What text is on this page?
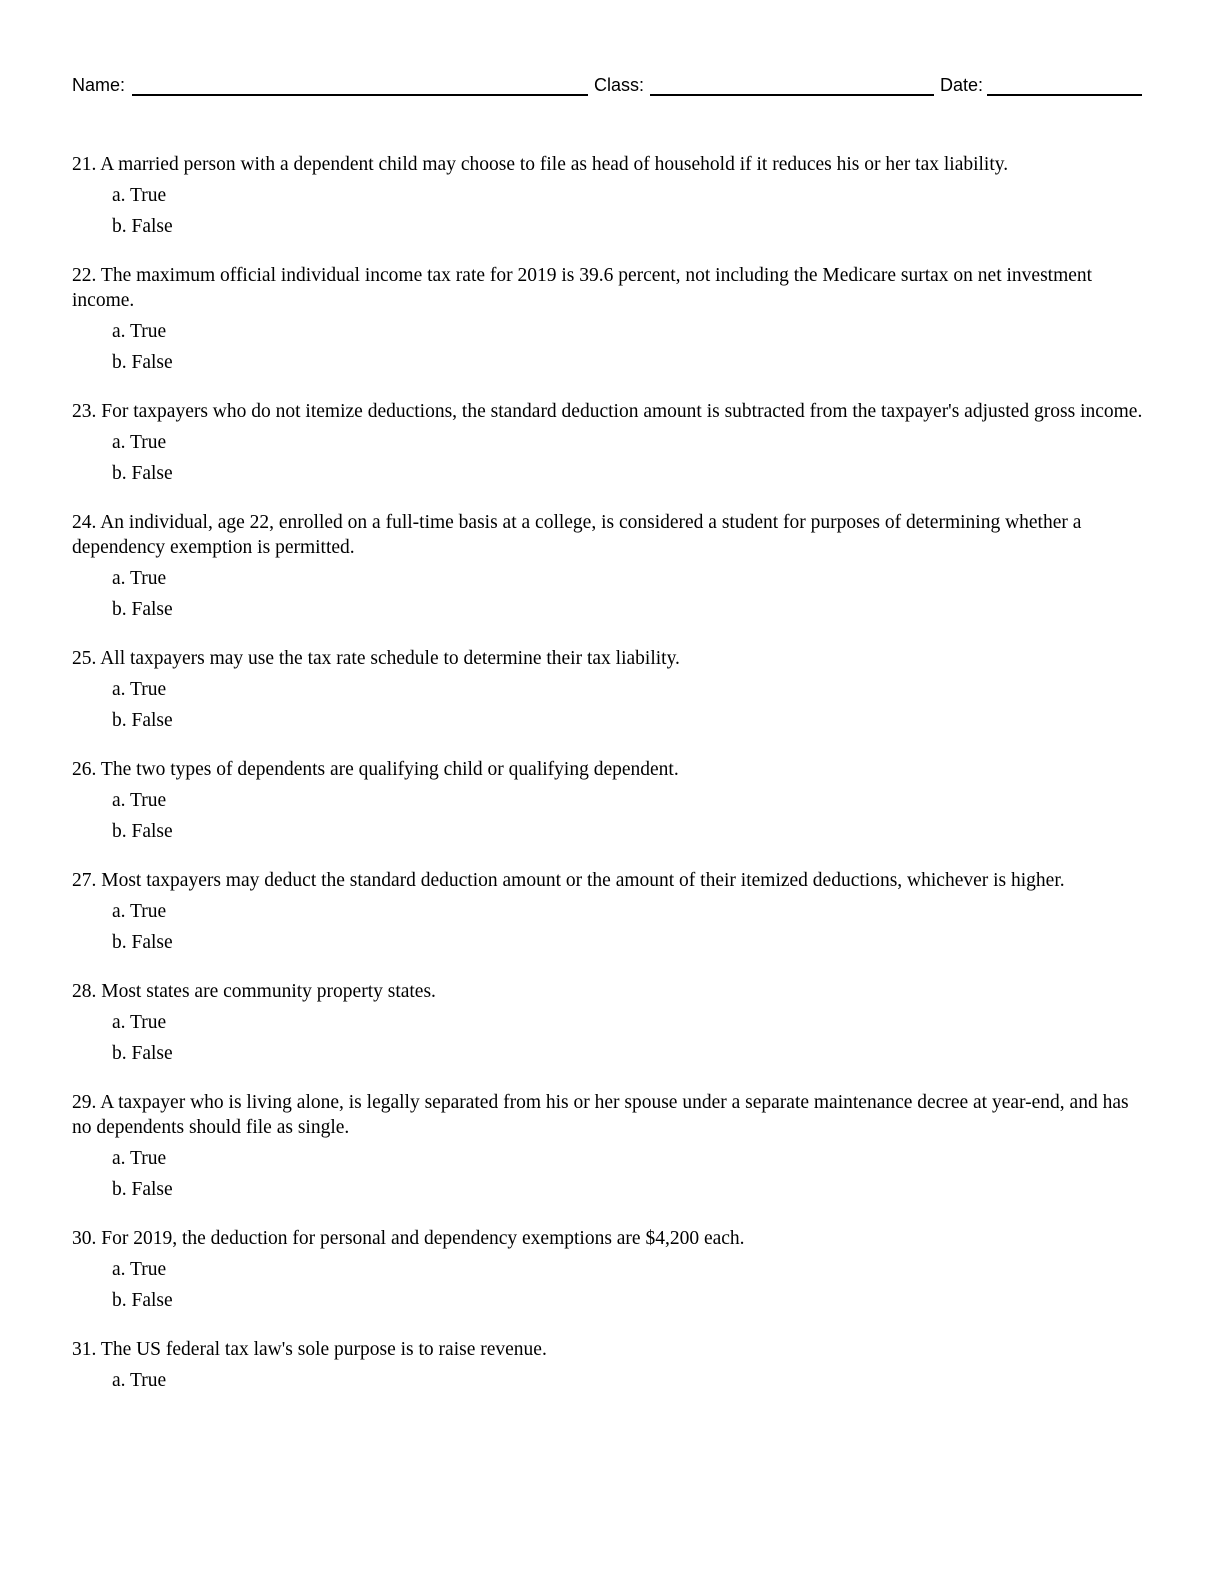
Name:	Class:	Date:

21. A married person with a dependent child may choose to file as head of household if it reduces his or her tax liability.

a. True
b. False

22. The maximum official individual income tax rate for 2019 is 39.6 percent, not including the Medicare surtax on net investment income.

a. True
b. False

23. For taxpayers who do not itemize deductions, the standard deduction amount is subtracted from the taxpayer's adjusted gross income.

a. True
b. False

24. An individual, age 22, enrolled on a full-time basis at a college, is considered a student for purposes of determining whether a dependency exemption is permitted.

a. True
b. False

25. All taxpayers may use the tax rate schedule to determine their tax liability.

a. True
b. False

26. The two types of dependents are qualifying child or qualifying dependent.

a. True
b. False

27. Most taxpayers may deduct the standard deduction amount or the amount of their itemized deductions, whichever is higher.

a. True
b. False

28. Most states are community property states.

a. True
b. False

29. A taxpayer who is living alone, is legally separated from his or her spouse under a separate maintenance decree at year-end, and has no dependents should file as single.

a. True
b. False

30. For 2019, the deduction for personal and dependency exemptions are $4,200 each.

a. True
b. False

31. The US federal tax law's sole purpose is to raise revenue.

a. True
